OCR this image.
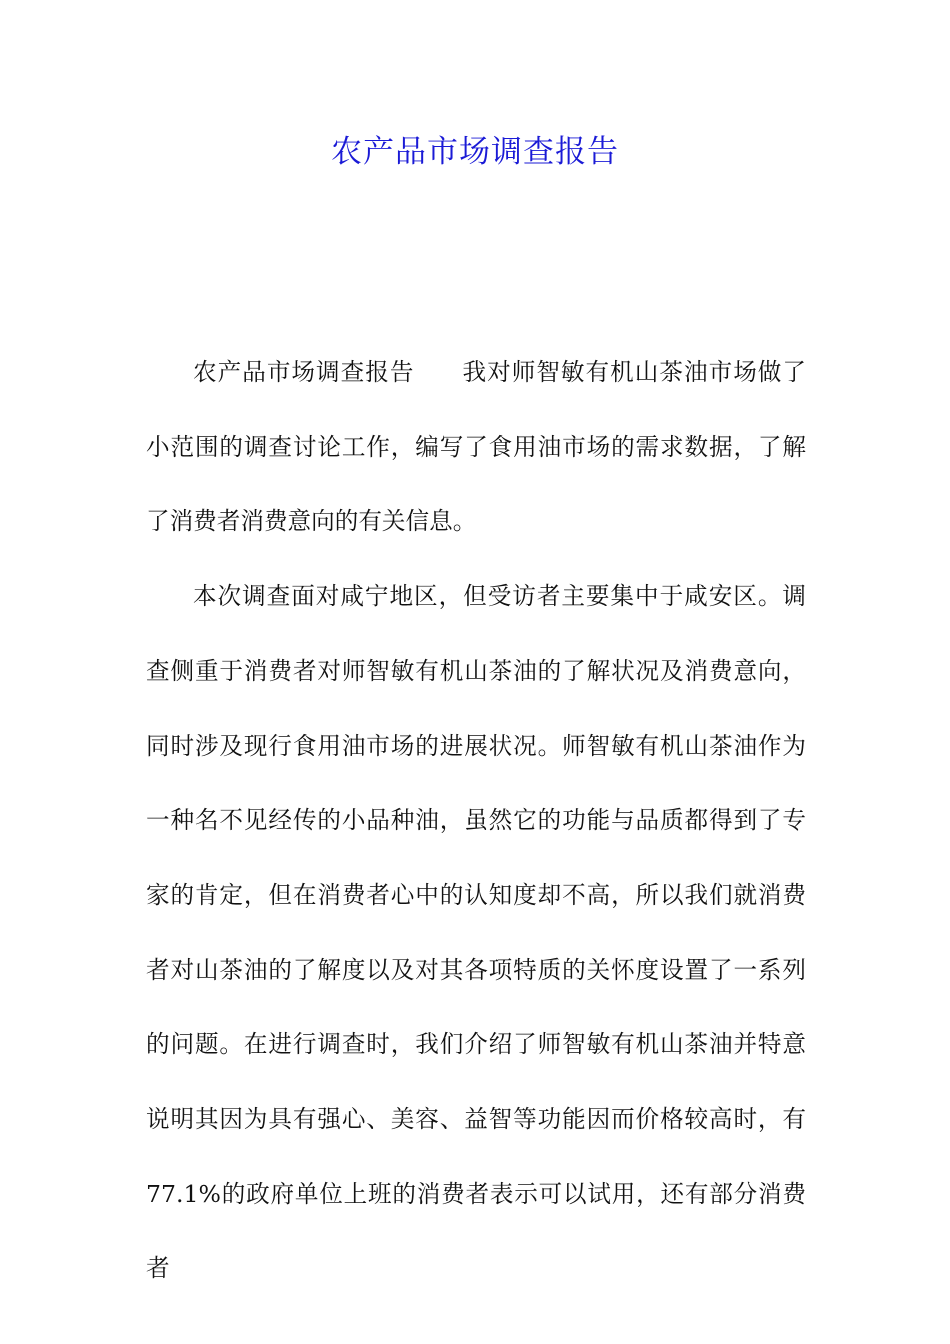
农产品市场调查报告

农产品市场调查报告 我对师智敏有机山茶油市场做了小范围的调查讨论工作，编写了食用油市场的需求数据，了解了消费者消费意向的有关信息。

本次调查面对咸宁地区，但受访者主要集中于咸安区。调查侧重于消费者对师智敏有机山茶油的了解状况及消费意向，同时涉及现行食用油市场的进展状况。师智敏有机山茶油作为一种名不见经传的小品种油，虽然它的功能与品质都得到了专家的肯定，但在消费者心中的认知度却不高，所以我们就消费者对山茶油的了解度以及对其各项特质的关怀度设置了一系列的问题。在进行调查时，我们介绍了师智敏有机山茶油并特意说明其因为具有强心、美容、益智等功能因而价格较高时，有77.1%的政府单位上班的消费者表示可以试用，还有部分消费者
